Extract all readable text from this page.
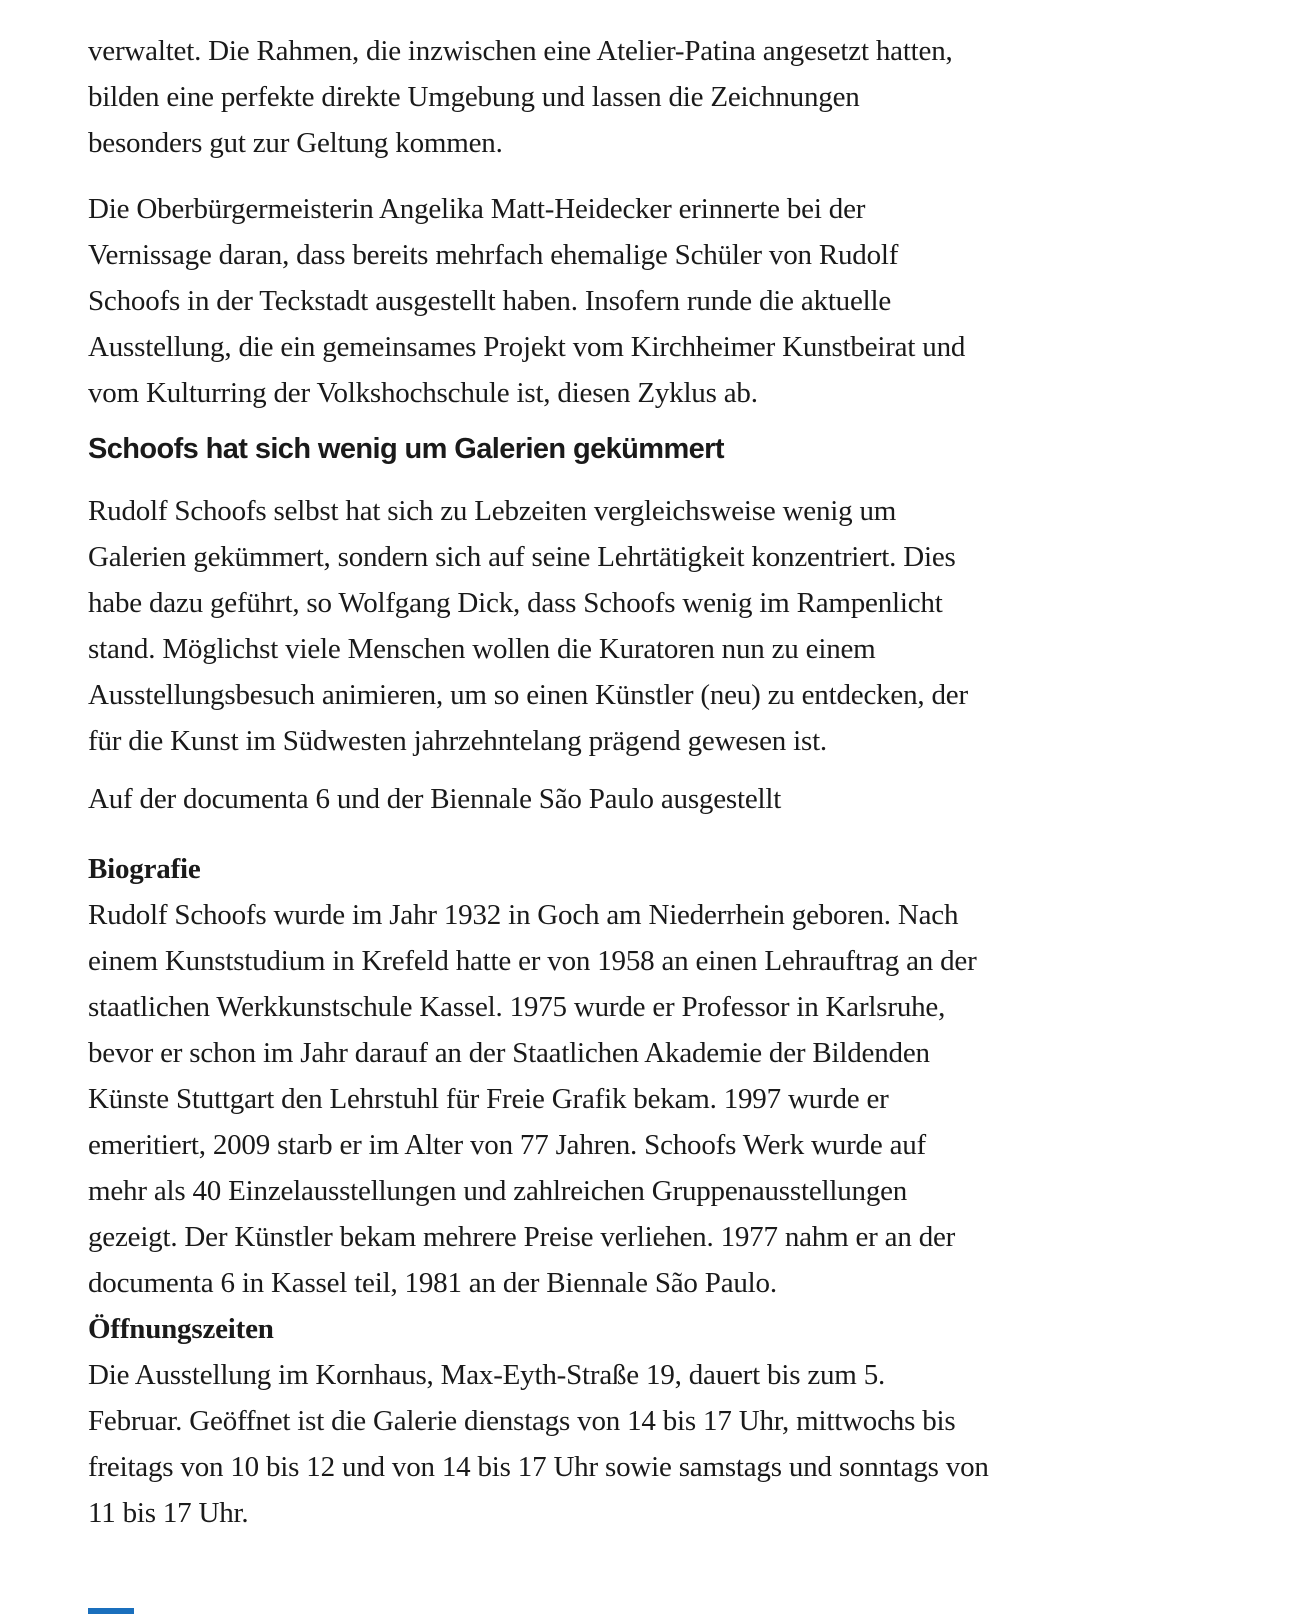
verwaltet. Die Rahmen, die inzwischen eine Atelier-Patina angesetzt hatten,
bilden eine perfekte direkte Umgebung und lassen die Zeichnungen
besonders gut zur Geltung kommen.
Die Oberbürgermeisterin Angelika Matt-Heidecker erinnerte bei der
Vernissage daran, dass bereits mehrfach ehemalige Schüler von Rudolf
Schoofs in der Teckstadt ausgestellt haben. Insofern runde die aktuelle
Ausstellung, die ein gemeinsames Projekt vom Kirchheimer Kunstbeirat und
vom Kulturring der Volkshochschule ist, diesen Zyklus ab.
Schoofs hat sich wenig um Galerien gekümmert
Rudolf Schoofs selbst hat sich zu Lebzeiten vergleichsweise wenig um
Galerien gekümmert, sondern sich auf seine Lehrtätigkeit konzentriert. Dies
habe dazu geführt, so Wolfgang Dick, dass Schoofs wenig im Rampenlicht
stand. Möglichst viele Menschen wollen die Kuratoren nun zu einem
Ausstellungsbesuch animieren, um so einen Künstler (neu) zu entdecken, der
für die Kunst im Südwesten jahrzehntelang prägend gewesen ist.
Auf der documenta 6 und der Biennale São Paulo ausgestellt
Biografie
Rudolf Schoofs wurde im Jahr 1932 in Goch am Niederrhein geboren. Nach
einem Kunststudium in Krefeld hatte er von 1958 an einen Lehrauftrag an der
staatlichen Werkkunstschule Kassel. 1975 wurde er Professor in Karlsruhe,
bevor er schon im Jahr darauf an der Staatlichen Akademie der Bildenden
Künste Stuttgart den Lehrstuhl für Freie Grafik bekam. 1997 wurde er
emeritiert, 2009 starb er im Alter von 77 Jahren. Schoofs Werk wurde auf
mehr als 40 Einzelausstellungen und zahlreichen Gruppenausstellungen
gezeigt. Der Künstler bekam mehrere Preise verliehen. 1977 nahm er an der
documenta 6 in Kassel teil, 1981 an der Biennale São Paulo.
Öffnungszeiten
Die Ausstellung im Kornhaus, Max-Eyth-Straße 19, dauert bis zum 5.
Februar. Geöffnet ist die Galerie dienstags von 14 bis 17 Uhr, mittwochs bis
freitags von 10 bis 12 und von 14 bis 17 Uhr sowie samstags und sonntags von
11 bis 17 Uhr.
